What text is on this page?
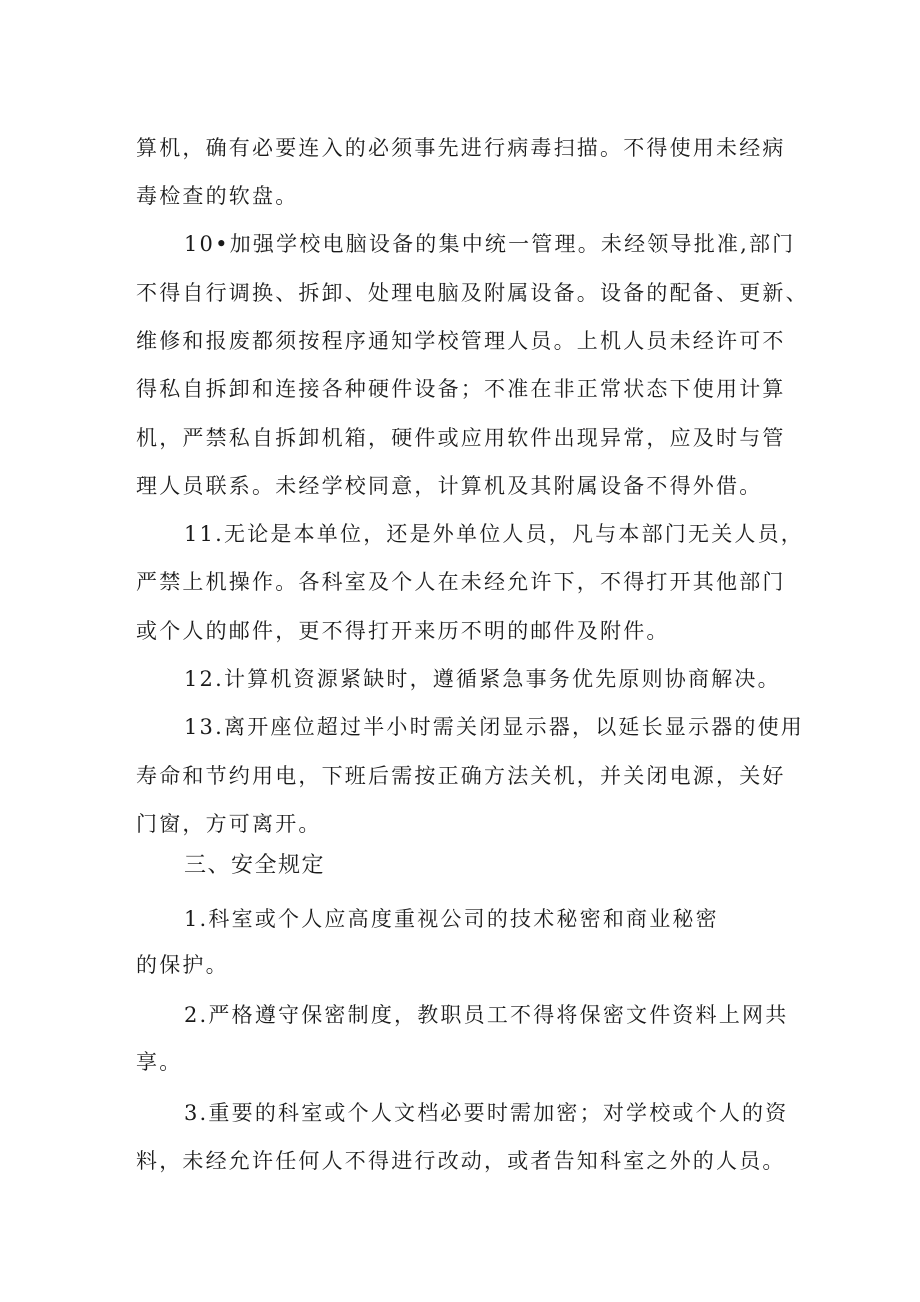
算机，确有必要连入的必须事先进行病毒扫描。不得使用未经病
毒检查的软盘。
10•加强学校电脑设备的集中统一管理。未经领导批准,部门
不得自行调换、拆卸、处理电脑及附属设备。设备的配备、更新、
维修和报废都须按程序通知学校管理人员。上机人员未经许可不
得私自拆卸和连接各种硬件设备；不准在非正常状态下使用计算
机，严禁私自拆卸机箱，硬件或应用软件出现异常，应及时与管
理人员联系。未经学校同意，计算机及其附属设备不得外借。
11.无论是本单位，还是外单位人员，凡与本部门无关人员，
严禁上机操作。各科室及个人在未经允许下，不得打开其他部门
或个人的邮件，更不得打开来历不明的邮件及附件。
12.计算机资源紧缺时，遵循紧急事务优先原则协商解决。
13.离开座位超过半小时需关闭显示器，以延长显示器的使用
寿命和节约用电，下班后需按正确方法关机，并关闭电源，关好
门窗，方可离开。
三、安全规定
1.科室或个人应高度重视公司的技术秘密和商业秘密
的保护。
2.严格遵守保密制度，教职员工不得将保密文件资料上网共
享。
3.重要的科室或个人文档必要时需加密；对学校或个人的资
料，未经允许任何人不得进行改动，或者告知科室之外的人员。
